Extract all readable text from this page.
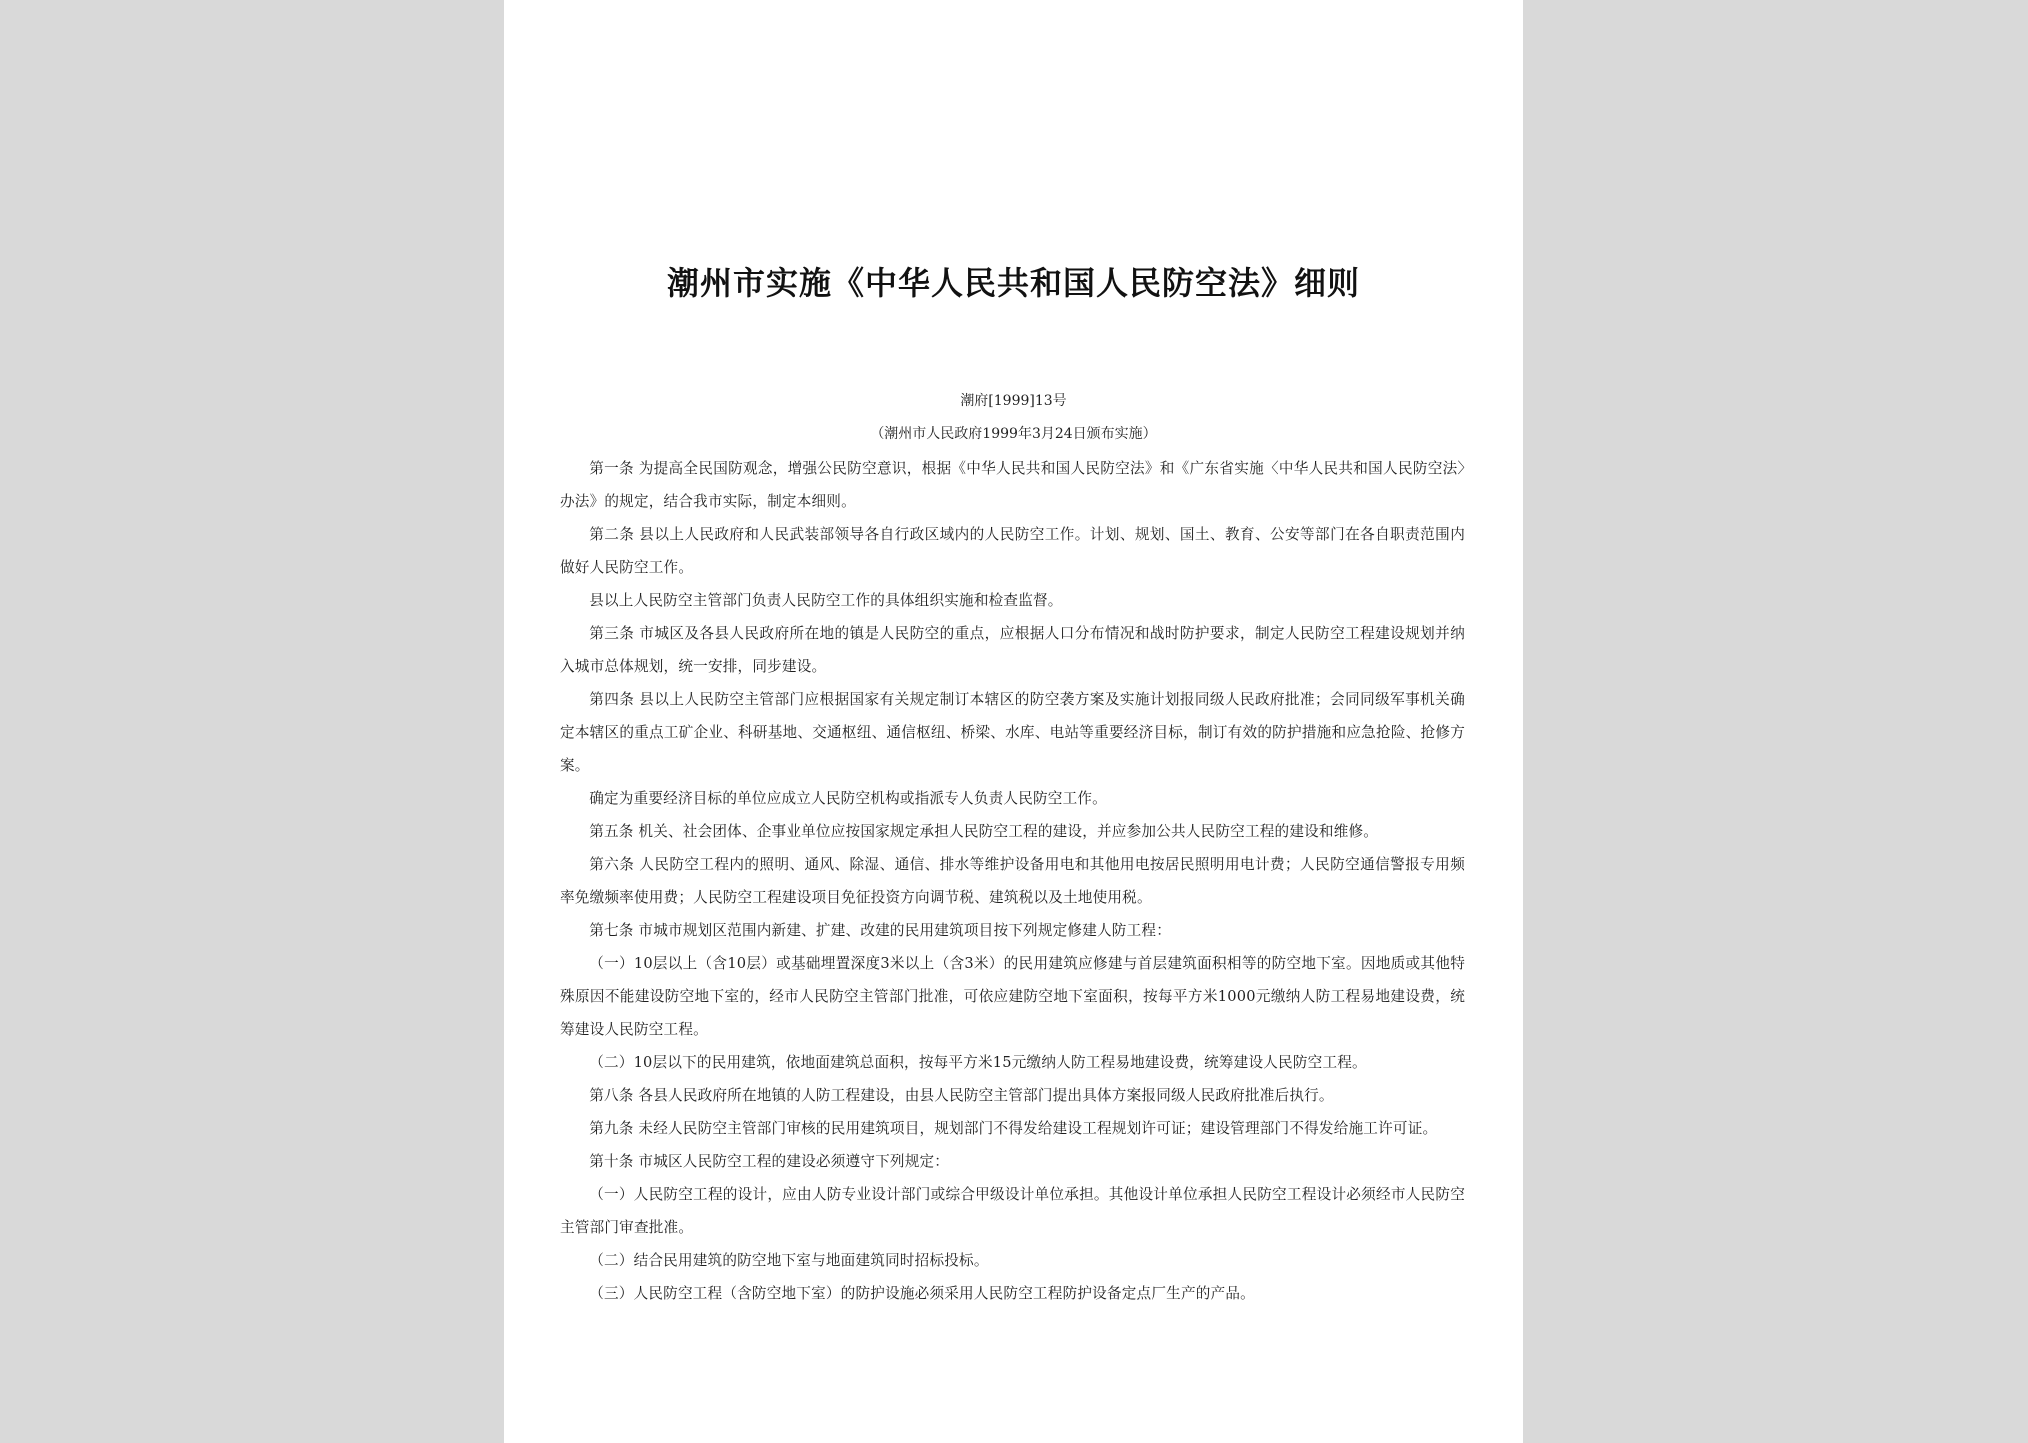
潮州市实施《中华人民共和国人民防空法》细则
潮府[1999]13号
（潮州市人民政府1999年3月24日颁布实施）

第一条 为提高全民国防观念，增强公民防空意识，根据《中华人民共和国人民防空法》和《广东省实施〈中华人民共和国人民防空法〉办法》的规定，结合我市实际，制定本细则。

第二条 县以上人民政府和人民武装部领导各自行政区域内的人民防空工作。计划、规划、国土、教育、公安等部门在各自职责范围内做好人民防空工作。

县以上人民防空主管部门负责人民防空工作的具体组织实施和检查监督。

第三条 市城区及各县人民政府所在地的镇是人民防空的重点，应根据人口分布情况和战时防护要求，制定人民防空工程建设规划并纳入城市总体规划，统一安排，同步建设。

第四条 县以上人民防空主管部门应根据国家有关规定制订本辖区的防空袭方案及实施计划报同级人民政府批准；会同同级军事机关确定本辖区的重点工矿企业、科研基地、交通枢纽、通信枢纽、桥梁、水库、电站等重要经济目标，制订有效的防护措施和应急抢险、抢修方案。

确定为重要经济目标的单位应成立人民防空机构或指派专人负责人民防空工作。

第五条 机关、社会团体、企事业单位应按国家规定承担人民防空工程的建设，并应参加公共人民防空工程的建设和维修。

第六条 人民防空工程内的照明、通风、除湿、通信、排水等维护设备用电和其他用电按居民照明用电计费；人民防空通信警报专用频率免缴频率使用费；人民防空工程建设项目免征投资方向调节税、建筑税以及土地使用税。

第七条 市城市规划区范围内新建、扩建、改建的民用建筑项目按下列规定修建人防工程：

（一）10层以上（含10层）或基础埋置深度3米以上（含3米）的民用建筑应修建与首层建筑面积相等的防空地下室。因地质或其他特殊原因不能建设防空地下室的，经市人民防空主管部门批准，可依应建防空地下室面积，按每平方米1000元缴纳人防工程易地建设费，统筹建设人民防空工程。

（二）10层以下的民用建筑，依地面建筑总面积，按每平方米15元缴纳人防工程易地建设费，统筹建设人民防空工程。

第八条 各县人民政府所在地镇的人防工程建设，由县人民防空主管部门提出具体方案报同级人民政府批准后执行。

第九条 未经人民防空主管部门审核的民用建筑项目，规划部门不得发给建设工程规划许可证；建设管理部门不得发给施工许可证。

第十条 市城区人民防空工程的建设必须遵守下列规定：

（一）人民防空工程的设计，应由人防专业设计部门或综合甲级设计单位承担。其他设计单位承担人民防空工程设计必须经市人民防空主管部门审查批准。

（二）结合民用建筑的防空地下室与地面建筑同时招标投标。

（三）人民防空工程（含防空地下室）的防护设施必须采用人民防空工程防护设备定点厂生产的产品。
